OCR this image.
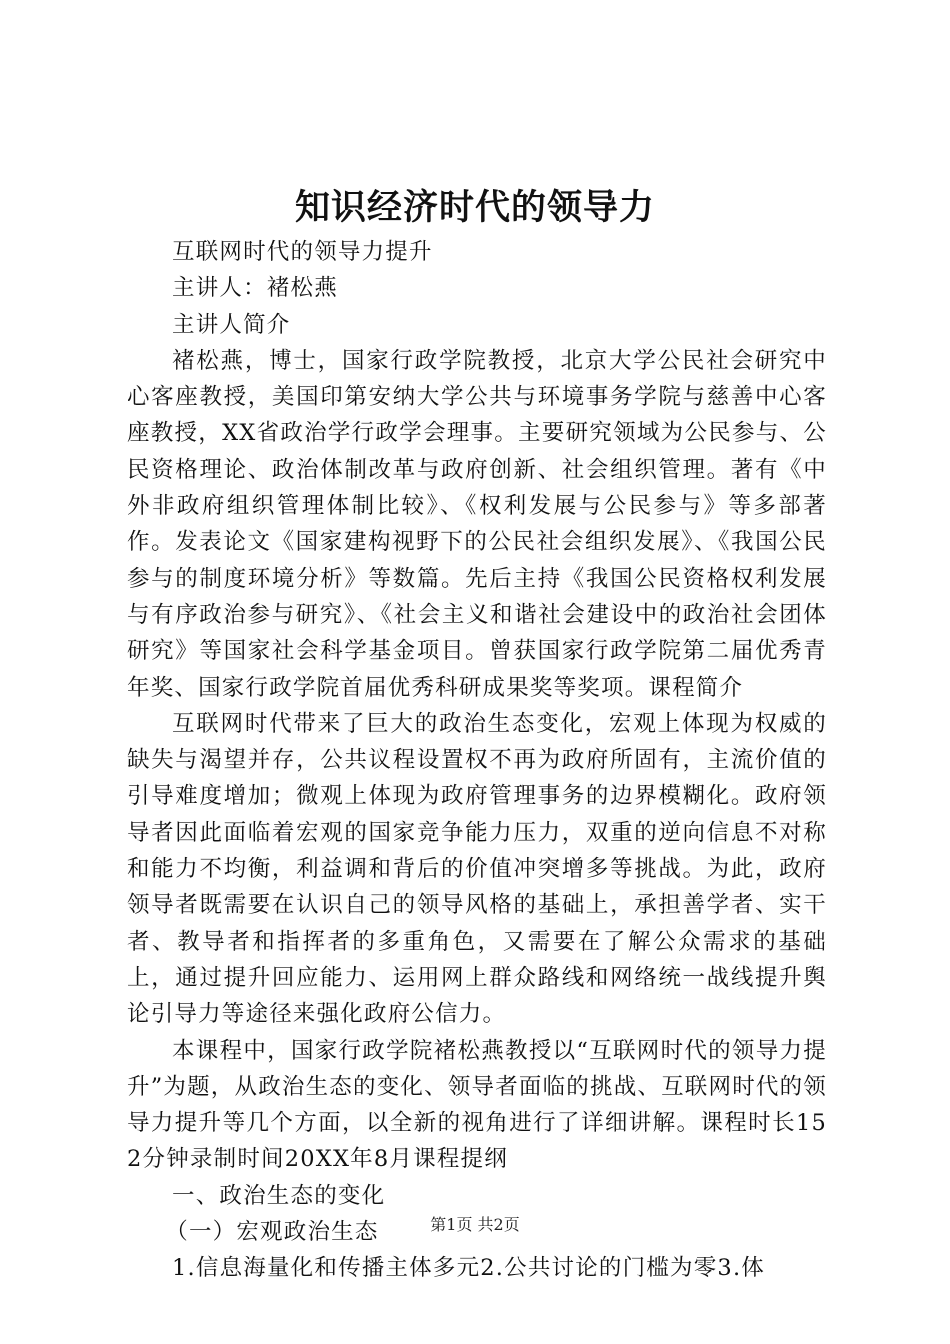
知识经济时代的领导力

互联网时代的领导力提升

主讲人：褚松燕

主讲人简介

褚松燕，博士，国家行政学院教授，北京大学公民社会研究中心客座教授，美国印第安纳大学公共与环境事务学院与慈善中心客座教授，XX省政治学行政学会理事。主要研究领域为公民参与、公民资格理论、政治体制改革与政府创新、社会组织管理。著有《中外非政府组织管理体制比较》、《权利发展与公民参与》等多部著作。发表论文《国家建构视野下的公民社会组织发展》、《我国公民参与的制度环境分析》等数篇。先后主持《我国公民资格权利发展与有序政治参与研究》、《社会主义和谐社会建设中的政治社会团体研究》等国家社会科学基金项目。曾获国家行政学院第二届优秀青年奖、国家行政学院首届优秀科研成果奖等奖项。课程简介

互联网时代带来了巨大的政治生态变化，宏观上体现为权威的缺失与渴望并存，公共议程设置权不再为政府所固有，主流价值的引导难度增加；微观上体现为政府管理事务的边界模糊化。政府领导者因此面临着宏观的国家竞争能力压力，双重的逆向信息不对称和能力不均衡，利益调和背后的价值冲突增多等挑战。为此，政府领导者既需要在认识自己的领导风格的基础上，承担善学者、实干者、教导者和指挥者的多重角色，又需要在了解公众需求的基础上，通过提升回应能力、运用网上群众路线和网络统一战线提升舆论引导力等途径来强化政府公信力。

本课程中，国家行政学院褚松燕教授以“互联网时代的领导力提升”为题，从政治生态的变化、领导者面临的挑战、互联网时代的领导力提升等几个方面，以全新的视角进行了详细讲解。课程时长152分钟录制时间20XX年8月课程提纲

一、政治生态的变化

（一）宏观政治生态

1.信息海量化和传播主体多元2.公共讨论的门槛为零3.体

第1页 共2页
